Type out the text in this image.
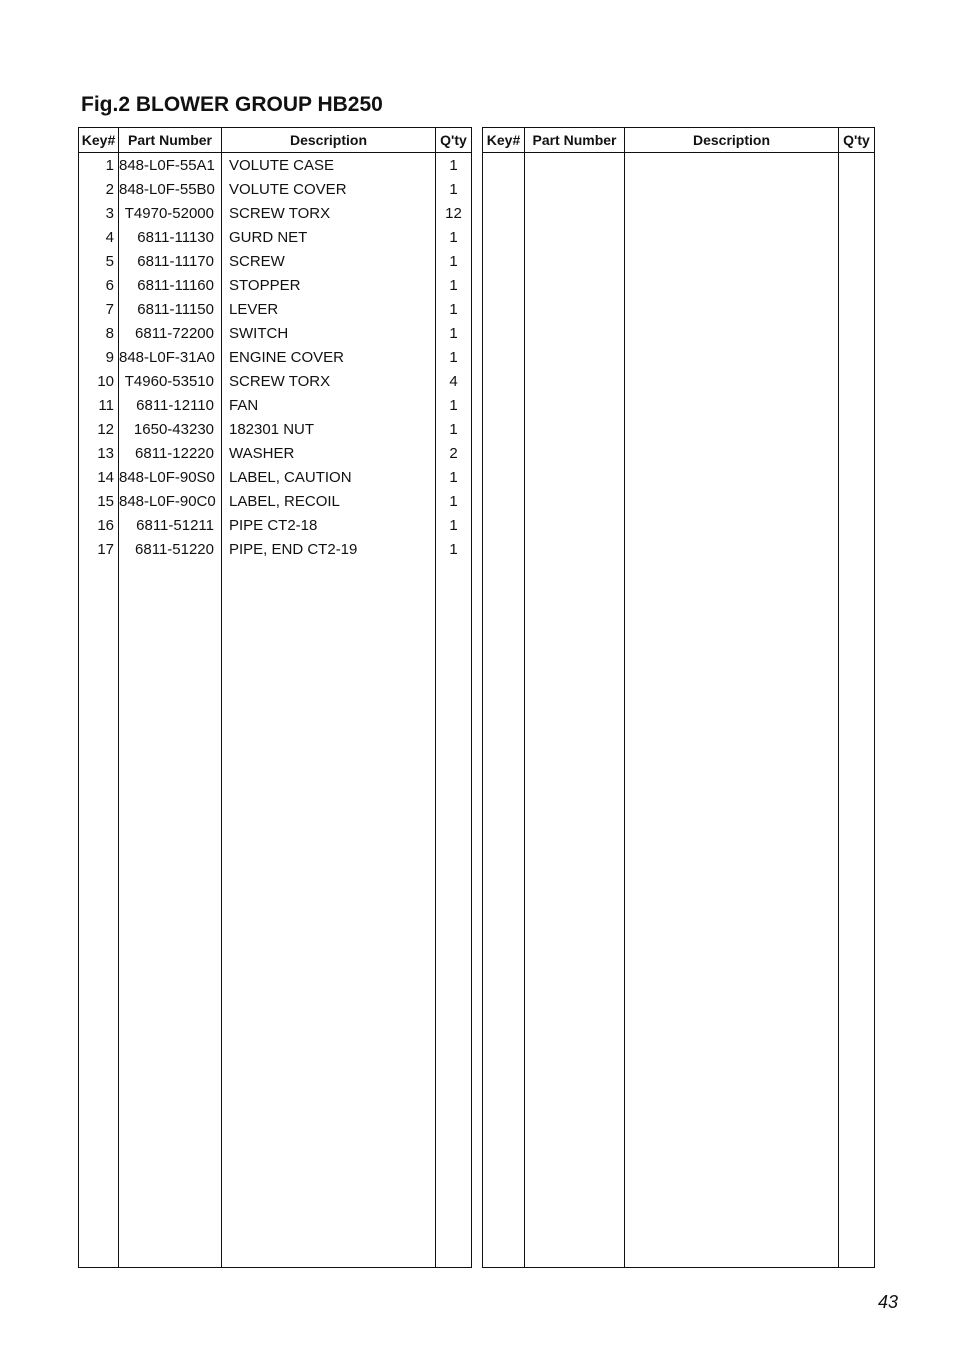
Fig.2 BLOWER GROUP HB250
Key#
1
2
3
4
5
6
7
8
9
10
11
12
13
14
15
16
17
Part Number
848-L0F-55A1
848-L0F-55B0
T4970-52000
6811-11130
6811-11170
6811-11160
6811-11150
6811-72200
848-L0F-31A0
T4960-53510
6811-12110
1650-43230
6811-12220
848-L0F-90S0
848-L0F-90C0
6811-51211
6811-51220
Description
VOLUTE CASE
VOLUTE COVER
SCREW TORX
GURD NET
SCREW
STOPPER
LEVER
SWITCH
ENGINE COVER
SCREW TORX
FAN
182301 NUT
WASHER
LABEL, CAUTION
LABEL, RECOIL
PIPE CT2-18
PIPE, END CT2-19
Q'ty
1
1
12
1
1
1
1
1
1
4
1
1
2
1
1
1
1
Key# Part Number	Description	Q'ty
43
